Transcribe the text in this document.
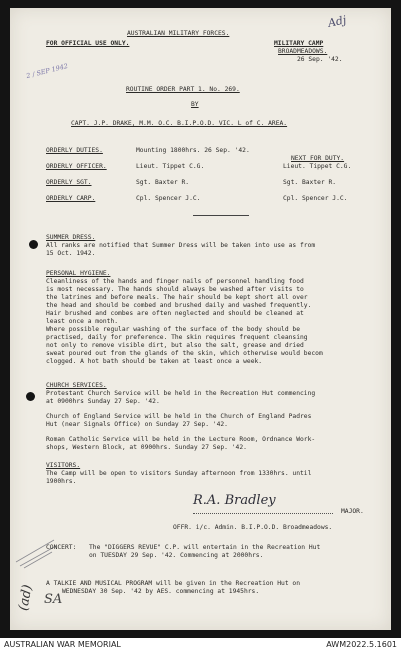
AUSTRALIAN MILITARY FORCES.
FOR OFFICIAL USE ONLY.	MILITARY CAMP
BROADMEADOWS.
26 Sep. '42.
Adj
2 / SEP 1942
ROUTINE ORDER PART 1. No. 269.
BY
CAPT. J.P. DRAKE, M.M. O.C. B.I.P.O.D. VIC. L of C. AREA.
ORDERLY DUTIES.	Mounting 1800hrs. 26 Sep. '42.
NEXT FOR DUTY.
ORDERLY OFFICER.	Lieut. Tippet C.G.	Lieut. Tippet C.G.
ORDERLY SGT.	Sgt. Baxter R.	Sgt. Baxter R.
ORDERLY CARP.	Cpl. Spencer J.C.	Cpl. Spencer J.C.
SUMMER DRESS.
All ranks are notified that Summer Dress will be taken into use as from
15 Oct. 1942.
PERSONAL HYGIENE.
Cleanliness of the hands and finger nails of personnel handling food
is most necessary. The hands should always be washed after visits to
the latrines and before meals. The hair should be kept short all over
the head and should be combed and brushed daily and washed frequently.
Hair brushed and combes are often neglected and should be cleaned at
least once a month.
Where possible regular washing of the surface of the body should be
practised, daily for preference. The skin requires frequent cleansing
not only to remove visible dirt, but also the salt, grease and dried
sweat poured out from the glands of the skin, which otherwise would becom
clogged. A hot bath should be taken at least once a week.
CHURCH SERVICES.
Protestant Church Service will be held in the Recreation Hut commencing
at 0900hrs Sunday 27 Sep. '42.
Church of England Service will be held in the Church of England Padres
Hut (near Signals Office) on Sunday 27 Sep. '42.
Roman Catholic Service will be held in the Lecture Room, Ordnance Work-
shops, Western Block, at 0900hrs. Sunday 27 Sep. '42.
VISITORS.
The Camp will be open to visitors Sunday afternoon from 1330hrs. until
1900hrs.
R.A. Bradley
MAJOR.
OFFR. i/c. Admin. B.I.P.O.D. Broadmeadows.
CONCERT: The "DIGGERS REVUE" C.P. will entertain in the Recreation Hut
on TUESDAY 29 Sep. '42. Commencing at 2000hrs.
A TALKIE AND MUSICAL PROGRAM will be given in the Recreation Hut on
WEDNESDAY 30 Sep. '42 by AES. commencing at 1945hrs.
(ad) SA
AUSTRALIAN WAR MEMORIAL	AWM2022.5.1601
